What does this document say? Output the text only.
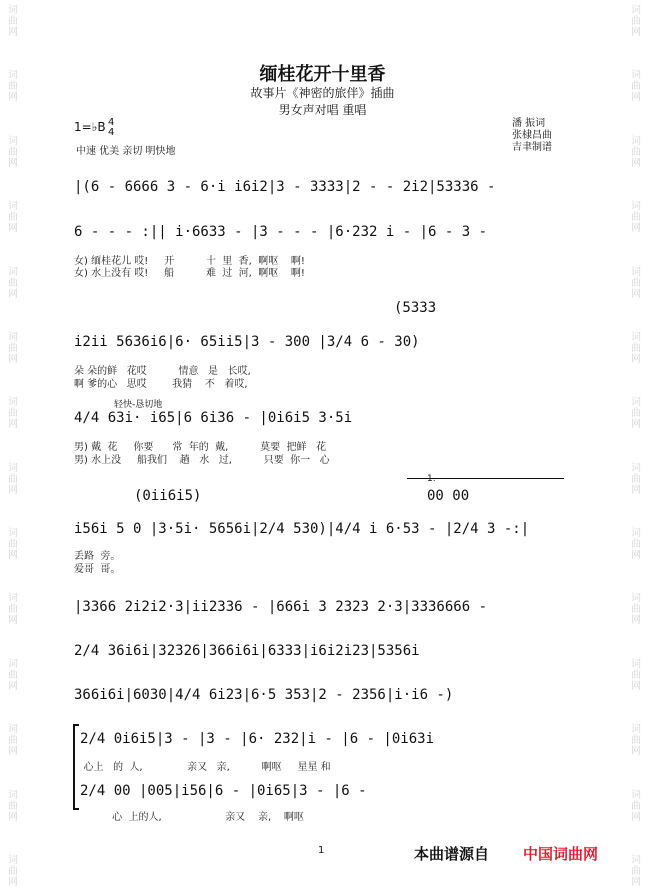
词曲网
词曲网
词曲网
词曲网
词曲网
词曲网
词曲网
词曲网
词曲网
词曲网
词曲网
词曲网
词曲网
词曲网
词曲网
词曲网
词曲网
词曲网
词曲网
词曲网
词曲网
词曲网
词曲网
词曲网
词曲网
词曲网
词曲网
词曲网
缅桂花开十里香
故事片《神密的旅伴》插曲
男女声对唱 重唱
1=♭B 4
4
中速 优美 亲切 明快地
潘 振词
张棣昌曲
吉聿制谱
|(6 - 6666 3 - 6·i i6i2|3 - 3333|2 - - 2i2|53336 -
6 - - - :|| i·6633 - |3 - - - |6·232 i - |6 - 3 -
女) 缅桂花儿 哎!     开          十  里  香,  啊呕    啊!
女) 水上没有 哎!     船          难  过  河,  啊呕    啊!
(5333
i2ii 5636i6|6· 65ii5|3 - 300 |3/4 6 - 30)
朵 朵的鲜   花哎          情意   是   长哎,
啊 爹的心   思哎        我猜    不   着哎,
轻快-恳切地
4/4 63i· i65|6 6i36 - |0i6i5 3·5i
男) 戴  花     你要      常  年的  戴,          莫要  把鲜   花
男) 水上没     船我们    趟   水   过,          只要  你一   心
(0ii6i5)
1.
00 00
i56i 5 0 |3·5i· 5656i|2/4 530)|4/4 i 6·53 - |2/4 3 -:|
丢路  旁。
爱哥  哥。
|3366 2i2i2·3|ii2336 - |666i 3 2323 2·3|3336666 -
2/4 36i6i|32326|366i6i|6333|i6i2i23|5356i
366i6i|6030|4/4 6i23|6·5 353|2 - 2356|i·i6 -)
2/4 0i6i5|3 - |3 - |6· 232|i - |6 - |0i63i
心上   的  人,              亲又   亲,          啊呕     星星 和
2/4 00 |005|i56|6 - |0i65|3 - |6 -
心  上的人,                    亲又    亲,    啊呕
1	本曲谱源自 中国词曲网
